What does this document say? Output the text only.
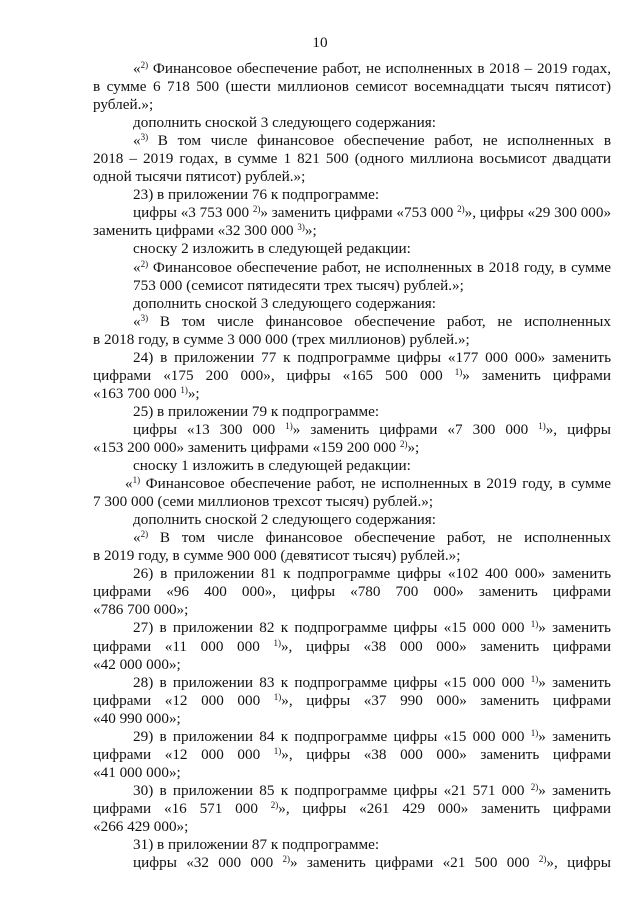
10
«$^{2)}$ Финансовое обеспечение работ, не исполненных в 2018 – 2019 годах,
в сумме 6 718 500 (шести миллионов семисот восемнадцати тысяч пятисот)
рублей.»;
дополнить сноской 3 следующего содержания:
«$^{3)}$ В том числе финансовое обеспечение работ, не исполненных в
2018 – 2019 годах, в сумме 1 821 500 (одного миллиона восьмисот двадцати
одной тысячи пятисот) рублей.»;
23) в приложении 76 к подпрограмме:
цифры «3 753 000 $^{2)}$» заменить цифрами «753 000 $^{2)}$», цифры «29 300 000»
заменить цифрами «32 300 000 $^{3)}$»;
сноску 2 изложить в следующей редакции:
«$^{2)}$ Финансовое обеспечение работ, не исполненных в 2018 году, в сумме
753 000 (семисот пятидесяти трех тысяч) рублей.»;
дополнить сноской 3 следующего содержания:
«$^{3)}$ В том числе финансовое обеспечение работ, не исполненных
в 2018 году, в сумме 3 000 000 (трех миллионов) рублей.»;
24) в приложении 77 к подпрограмме цифры «177 000 000» заменить
цифрами «175 200 000», цифры «165 500 000 $^{1)}$» заменить цифрами
«163 700 000 $^{1)}$»;
25) в приложении 79 к подпрограмме:
цифры «13 300 000 $^{1)}$» заменить цифрами «7 300 000 $^{1)}$», цифры
«153 200 000» заменить цифрами «159 200 000 $^{2)}$»;
сноску 1 изложить в следующей редакции:
«$^{1)}$ Финансовое обеспечение работ, не исполненных в 2019 году, в сумме
7 300 000 (семи миллионов трехсот тысяч) рублей.»;
дополнить сноской 2 следующего содержания:
«$^{2)}$ В том числе финансовое обеспечение работ, не исполненных
в 2019 году, в сумме 900 000 (девятисот тысяч) рублей.»;
26) в приложении 81 к подпрограмме цифры «102 400 000» заменить
цифрами «96 400 000», цифры «780 700 000» заменить цифрами
«786 700 000»;
27) в приложении 82 к подпрограмме цифры «15 000 000 $^{1)}$» заменить
цифрами «11 000 000 $^{1)}$», цифры «38 000 000» заменить цифрами
«42 000 000»;
28) в приложении 83 к подпрограмме цифры «15 000 000 $^{1)}$» заменить
цифрами «12 000 000 $^{1)}$», цифры «37 990 000» заменить цифрами
«40 990 000»;
29) в приложении 84 к подпрограмме цифры «15 000 000 $^{1)}$» заменить
цифрами «12 000 000 $^{1)}$», цифры «38 000 000» заменить цифрами
«41 000 000»;
30) в приложении 85 к подпрограмме цифры «21 571 000 $^{2)}$» заменить
цифрами «16 571 000 $^{2)}$», цифры «261 429 000» заменить цифрами
«266 429 000»;
31) в приложении 87 к подпрограмме:
цифры «32 000 000 $^{2)}$» заменить цифрами «21 500 000 $^{2)}$», цифры
